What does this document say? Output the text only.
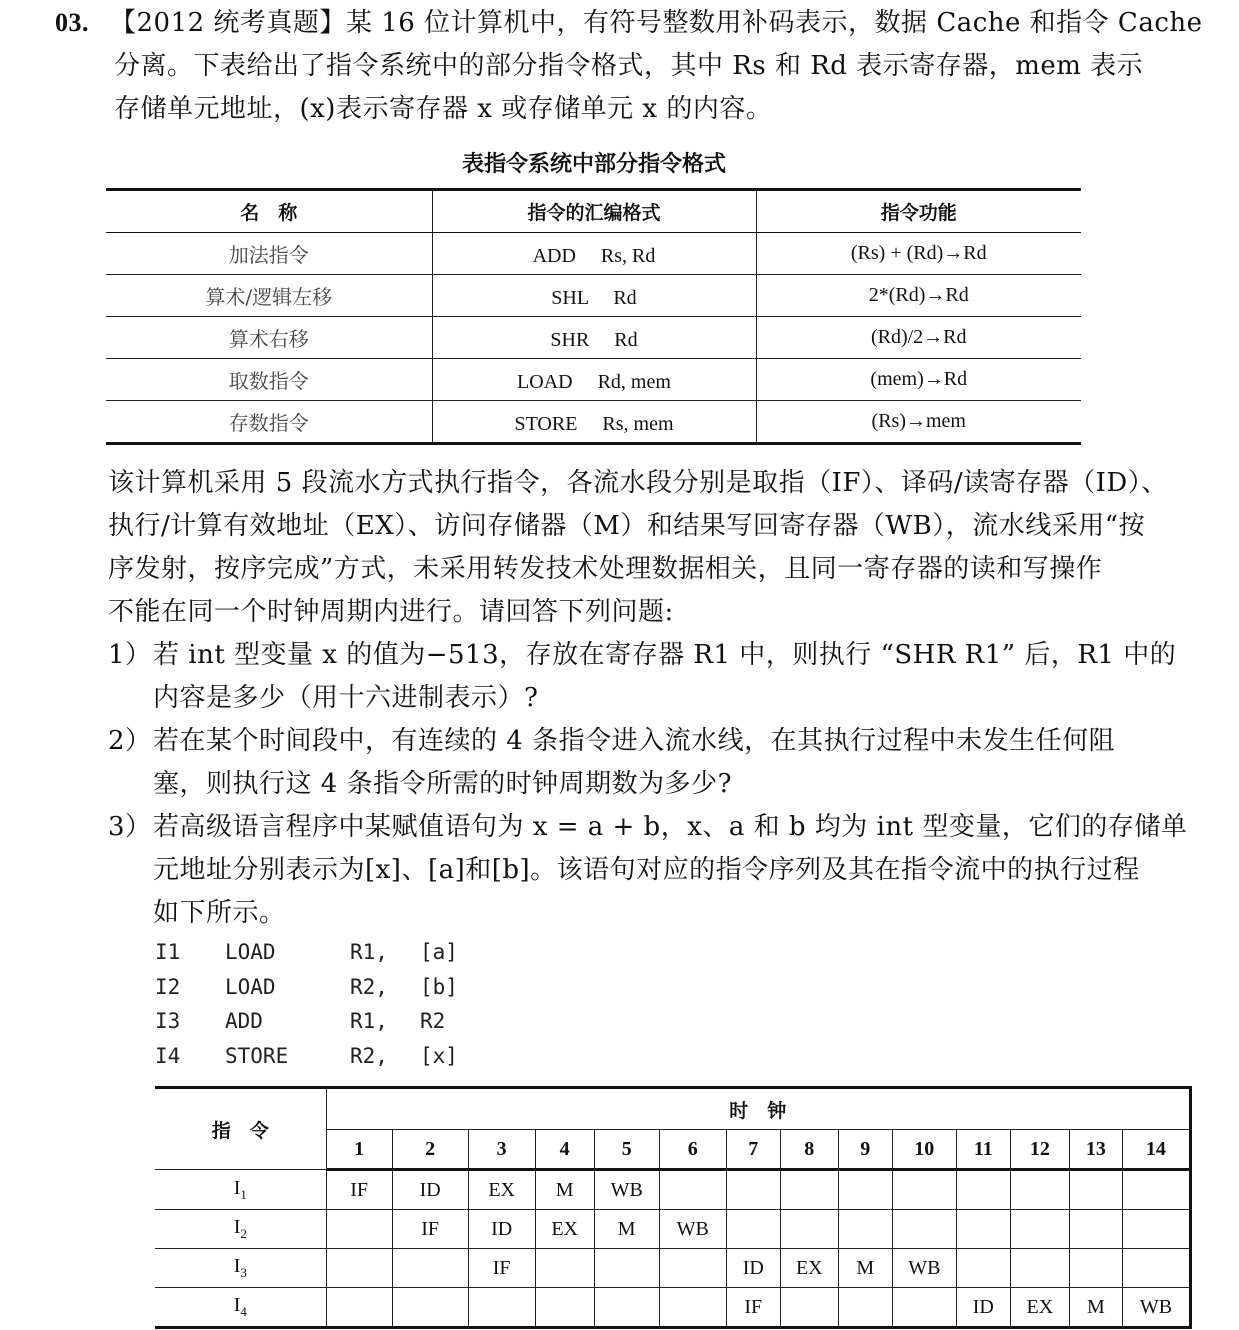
03. 【2012 统考真题】某 16 位计算机中，有符号整数用补码表示，数据 Cache 和指令 Cache
分离。下表给出了指令系统中的部分指令格式，其中 Rs 和 Rd 表示寄存器，mem 表示
存储单元地址，(x)表示寄存器 x 或存储单元 x 的内容。
表指令系统中部分指令格式
名　称	指令的汇编格式	指令功能
加法指令	ADD　 Rs, Rd	(Rs) + (Rd)→Rd
算术/逻辑左移	SHL　 Rd	2*(Rd)→Rd
算术右移	SHR　 Rd	(Rd)/2→Rd
取数指令	LOAD　 Rd, mem	(mem)→Rd
存数指令	STORE　 Rs, mem	(Rs)→mem
该计算机采用 5 段流水方式执行指令，各流水段分别是取指（IF）、译码/读寄存器（ID）、
执行/计算有效地址（EX）、访问存储器（M）和结果写回寄存器（WB），流水线采用“按
序发射，按序完成”方式，未采用转发技术处理数据相关，且同一寄存器的读和写操作
不能在同一个时钟周期内进行。请回答下列问题:
1） 若 int 型变量 x 的值为−513，存放在寄存器 R1 中，则执行 “SHR R1” 后，R1 中的
内容是多少（用十六进制表示）?
2） 若在某个时间段中，有连续的 4 条指令进入流水线，在其执行过程中未发生任何阻
塞，则执行这 4 条指令所需的时钟周期数为多少?
3） 若高级语言程序中某赋值语句为 x = a + b，x、a 和 b 均为 int 型变量，它们的存储单
元地址分别表示为[x]、[a]和[b]。该语句对应的指令序列及其在指令流中的执行过程
如下所示。
I1 LOAD	R1, [a]
I2 LOAD	R2, [b]
I3 ADD	R1, R2
I4 STORE	R2, [x]
指　令	时　钟													
	1	2	3	4	5	6	7	8	9	10	11	12	13	14
$I_1$	IF	ID	EX	M	WB									
$I_2$		IF	ID	EX	M	WB								
$I_3$			IF				ID	EX	M	WB				
$I_4$							IF				ID	EX	M	WB
